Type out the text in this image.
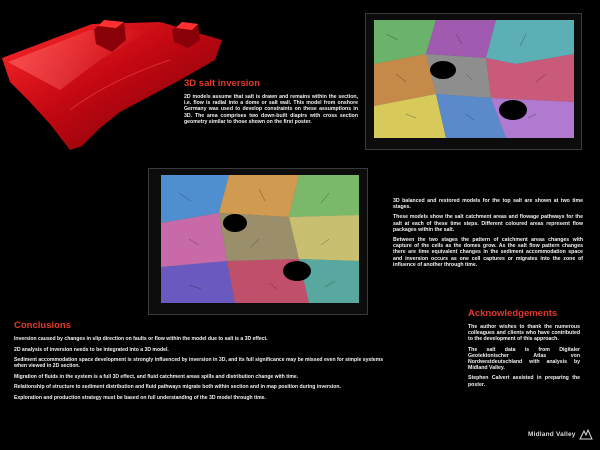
3D salt inversion
2D models assume that salt is drawn and remains within the section, i.e. flow is radial into a dome or salt wall. This model from onshore Germany was used to develop constraints on these assumptions in 3D. The area comprises two down-built diapirs with cross section geometry similar to those shown on the first poster.
3D balanced and restored models for the top salt are shown at two time stages.
These models show the salt catchment areas and flowage pathways for the salt at each of these time steps. Different coloured areas represent flow packages within the salt.
Between the two stages the pattern of catchment areas changes with capture of the cells as the domes grow. As the salt flow pattern changes there are time equivalent changes in the sediment accommodation space and inversion occurs as one cell captures or migrates into the zone of influence of another through time.
Conclusions

Inversion caused by changes in slip direction on faults or flow within the model due to salt is a 3D effect.

2D analysis of inversion needs to be integrated into a 3D model.

Sediment accommodation space development is strongly influenced by inversion in 3D, and its full significance may be missed even for simple systems when viewed in 2D section.

Migration of fluids in the system is a full 3D effect, and fluid catchment areas spills and distribution change with time.

Relationship of structure to sediment distribution and fluid pathways migrate both within section and in map position during inversion.

Exploration and production strategy must be based on full understanding of the 3D model through time.

Acknowledgements
The author wishes to thank the numerous colleagues and clients who have contributed to the development of this approach.
The salt data is from Digitaler Geotektonischer Atlas von Nordwestdeutschland with analysis by Midland Valley.
Stephen Calvert assisted in preparing the poster.
Midland Valley
